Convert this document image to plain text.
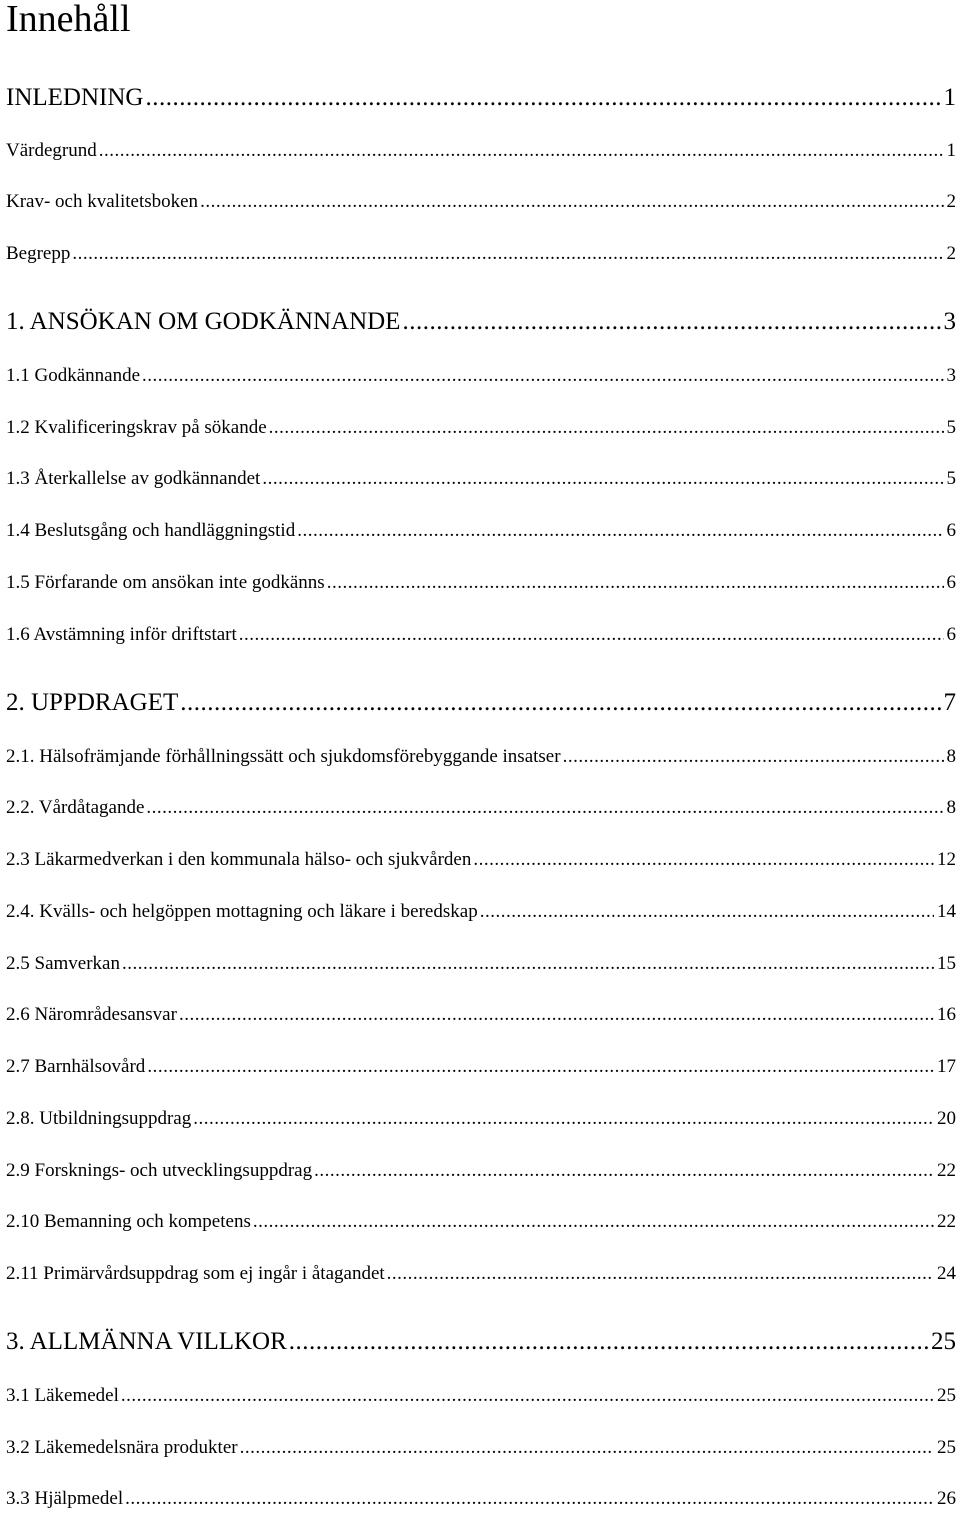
Innehåll
INLEDNING .....	1
Värdegrund .....	1
Krav- och kvalitetsboken .....	2
Begrepp .....	2
1. ANSÖKAN OM GODKÄNNANDE .....	3
1.1 Godkännande .....	3
1.2 Kvalificeringskrav på sökande .....	5
1.3 Återkallelse av godkännandet .....	5
1.4 Beslutsgång och handläggningstid .....	6
1.5 Förfarande om ansökan inte godkänns .....	6
1.6 Avstämning inför driftstart .....	6
2. UPPDRAGET .....	7
2.1. Hälsofrämjande förhållningssätt och sjukdomsförebyggande insatser .....	8
2.2. Vårdåtagande .....	8
2.3 Läkarmedverkan i den kommunala hälso- och sjukvården .....	12
2.4. Kvälls- och helgöppen mottagning och läkare i beredskap .....	14
2.5 Samverkan .....	15
2.6 Närområdesansvar .....	16
2.7 Barnhälsovård .....	17
2.8. Utbildningsuppdrag .....	20
2.9 Forsknings- och utvecklingsuppdrag .....	22
2.10 Bemanning och kompetens .....	22
2.11 Primärvårdsuppdrag som ej ingår i åtagandet .....	24
3. ALLMÄNNA VILLKOR .....	25
3.1 Läkemedel .....	25
3.2 Läkemedelsnära produkter .....	25
3.3 Hjälpmedel .....	26
